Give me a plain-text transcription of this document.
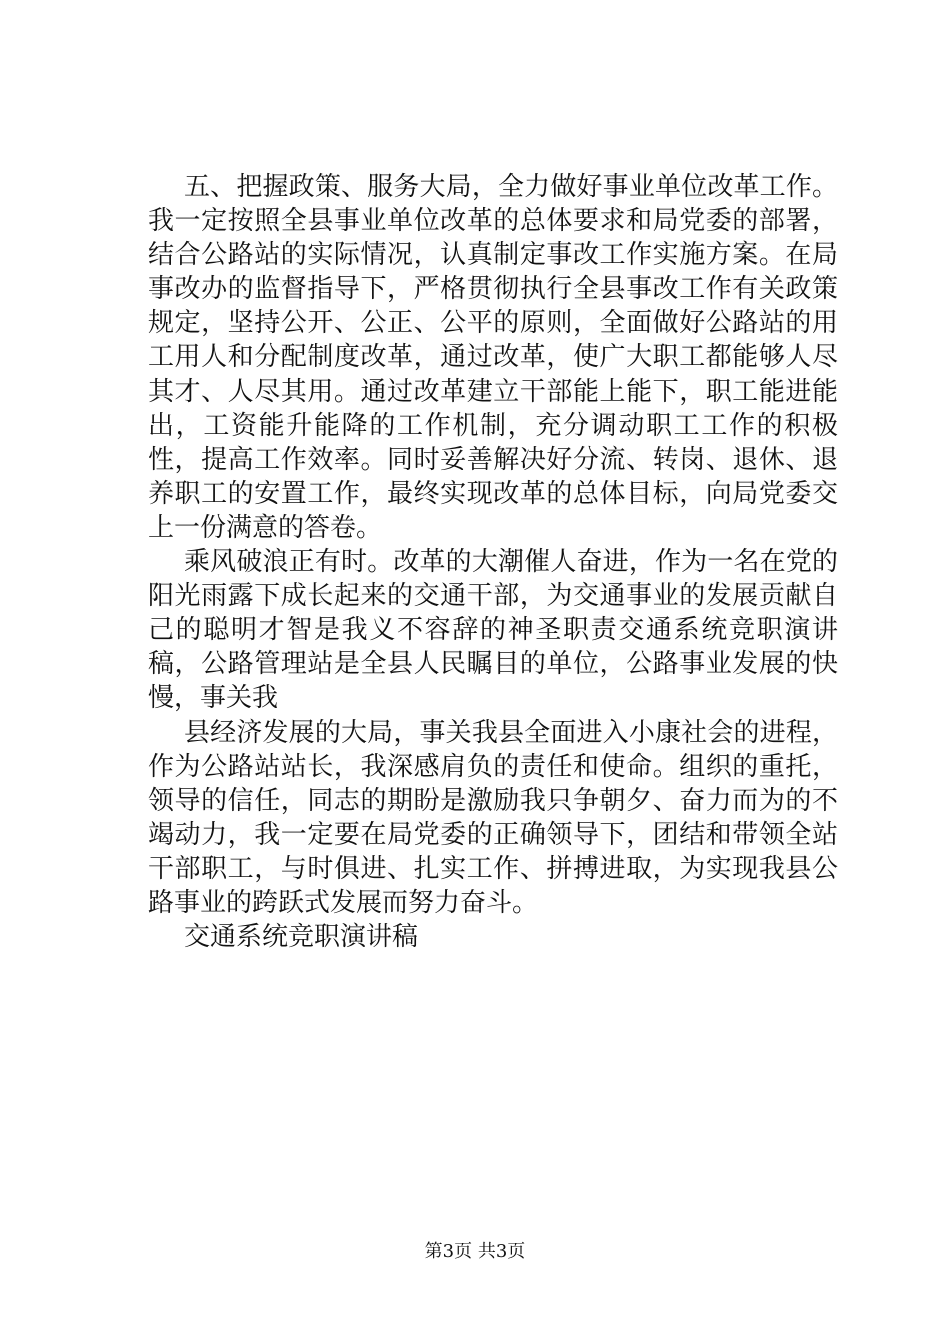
五、把握政策、服务大局，全力做好事业单位改革工作。我一定按照全县事业单位改革的总体要求和局党委的部署，结合公路站的实际情况，认真制定事改工作实施方案。在局事改办的监督指导下，严格贯彻执行全县事改工作有关政策规定，坚持公开、公正、公平的原则，全面做好公路站的用工用人和分配制度改革，通过改革，使广大职工都能够人尽其才、人尽其用。通过改革建立干部能上能下，职工能进能出，工资能升能降的工作机制，充分调动职工工作的积极性，提高工作效率。同时妥善解决好分流、转岗、退休、退养职工的安置工作，最终实现改革的总体目标，向局党委交上一份满意的答卷。

乘风破浪正有时。改革的大潮催人奋进，作为一名在党的阳光雨露下成长起来的交通干部，为交通事业的发展贡献自己的聪明才智是我义不容辞的神圣职责交通系统竞职演讲稿，公路管理站是全县人民瞩目的单位，公路事业发展的快慢，事关我

县经济发展的大局，事关我县全面进入小康社会的进程，作为公路站站长，我深感肩负的责任和使命。组织的重托，领导的信任，同志的期盼是激励我只争朝夕、奋力而为的不竭动力，我一定要在局党委的正确领导下，团结和带领全站干部职工，与时俱进、扎实工作、拼搏进取，为实现我县公路事业的跨跃式发展而努力奋斗。

交通系统竞职演讲稿

第3页 共3页
